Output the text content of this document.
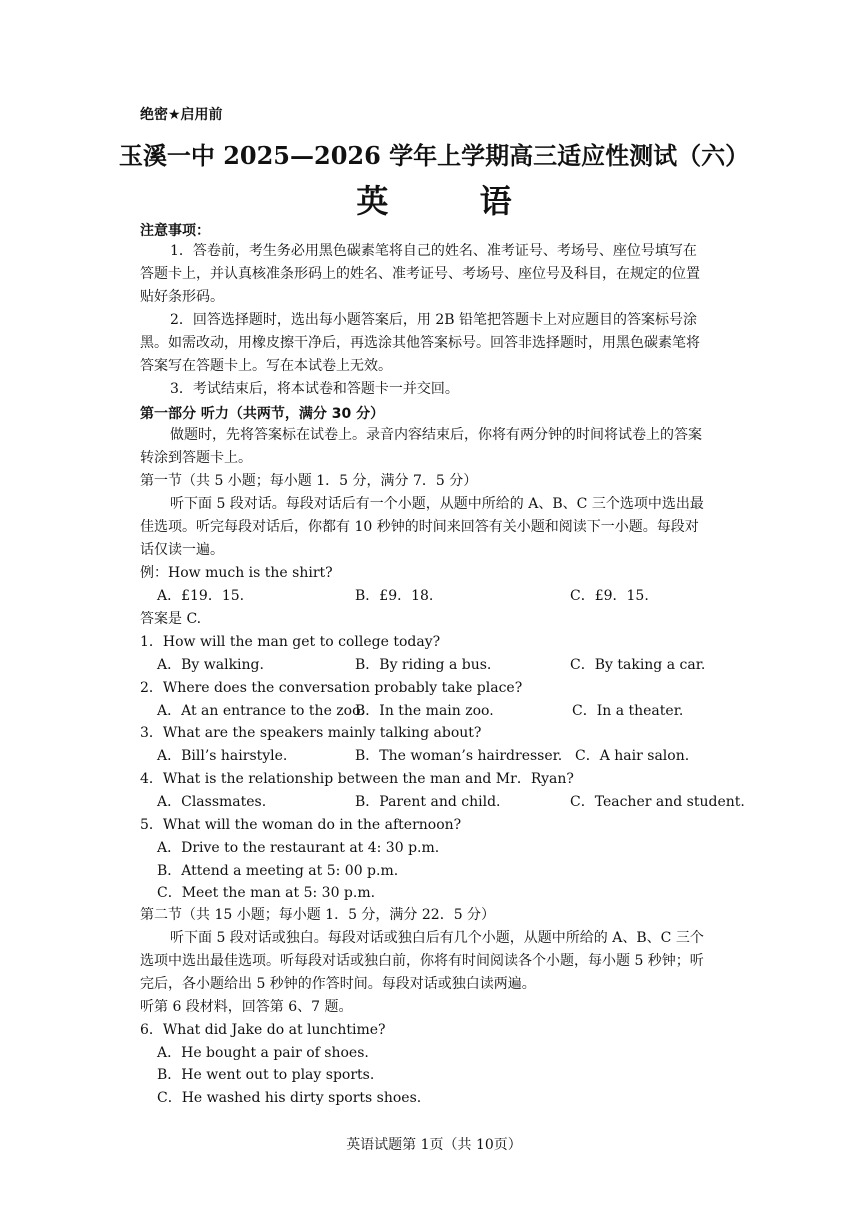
绝密★启用前
玉溪一中 2025—2026 学年上学期高三适应性测试（六）
英 语
注意事项：
1．答卷前，考生务必用黑色碳素笔将自己的姓名、准考证号、考场号、座位号填写在
答题卡上，并认真核准条形码上的姓名、准考证号、考场号、座位号及科目，在规定的位置
贴好条形码。
2．回答选择题时，选出每小题答案后，用 2B 铅笔把答题卡上对应题目的答案标号涂
黑。如需改动，用橡皮擦干净后，再选涂其他答案标号。回答非选择题时，用黑色碳素笔将
答案写在答题卡上。写在本试卷上无效。
3．考试结束后，将本试卷和答题卡一并交回。
第一部分 听力（共两节，满分 30 分）
做题时，先将答案标在试卷上。录音内容结束后，你将有两分钟的时间将试卷上的答案
转涂到答题卡上。
第一节（共 5 小题；每小题 1．5 分，满分 7．5 分）
听下面 5 段对话。每段对话后有一个小题，从题中所给的 A、B、C 三个选项中选出最
佳选项。听完每段对话后，你都有 10 秒钟的时间来回答有关小题和阅读下一小题。每段对
话仅读一遍。
例：How much is the shirt?
A．£19．15.	B．£9．18.	C．£9．15.
答案是 C.
1．How will the man get to college today?
A．By walking.	B．By riding a bus.	C．By taking a car.
2．Where does the conversation probably take place?
A．At an entrance to the zoo.
B．In the main zoo.	C．In a theater.
3．What are the speakers mainly talking about?
A．Bill’s hairstyle.	B．The woman’s hairdresser. C．A hair salon.
4．What is the relationship between the man and Mr．Ryan?
A．Classmates.	B．Parent and child.	C．Teacher and student.
5．What will the woman do in the afternoon?
A．Drive to the restaurant at 4: 30 p.m.
B．Attend a meeting at 5: 00 p.m.
C．Meet the man at 5: 30 p.m.
第二节（共 15 小题；每小题 1．5 分，满分 22．5 分）
听下面 5 段对话或独白。每段对话或独白后有几个小题，从题中所给的 A、B、C 三个
选项中选出最佳选项。听每段对话或独白前，你将有时间阅读各个小题，每小题 5 秒钟；听
完后，各小题给出 5 秒钟的作答时间。每段对话或独白读两遍。
听第 6 段材料，回答第 6、7 题。
6．What did Jake do at lunchtime?
A．He bought a pair of shoes.
B．He went out to play sports.
C．He washed his dirty sports shoes.
英语试题第 1页（共 10页）
